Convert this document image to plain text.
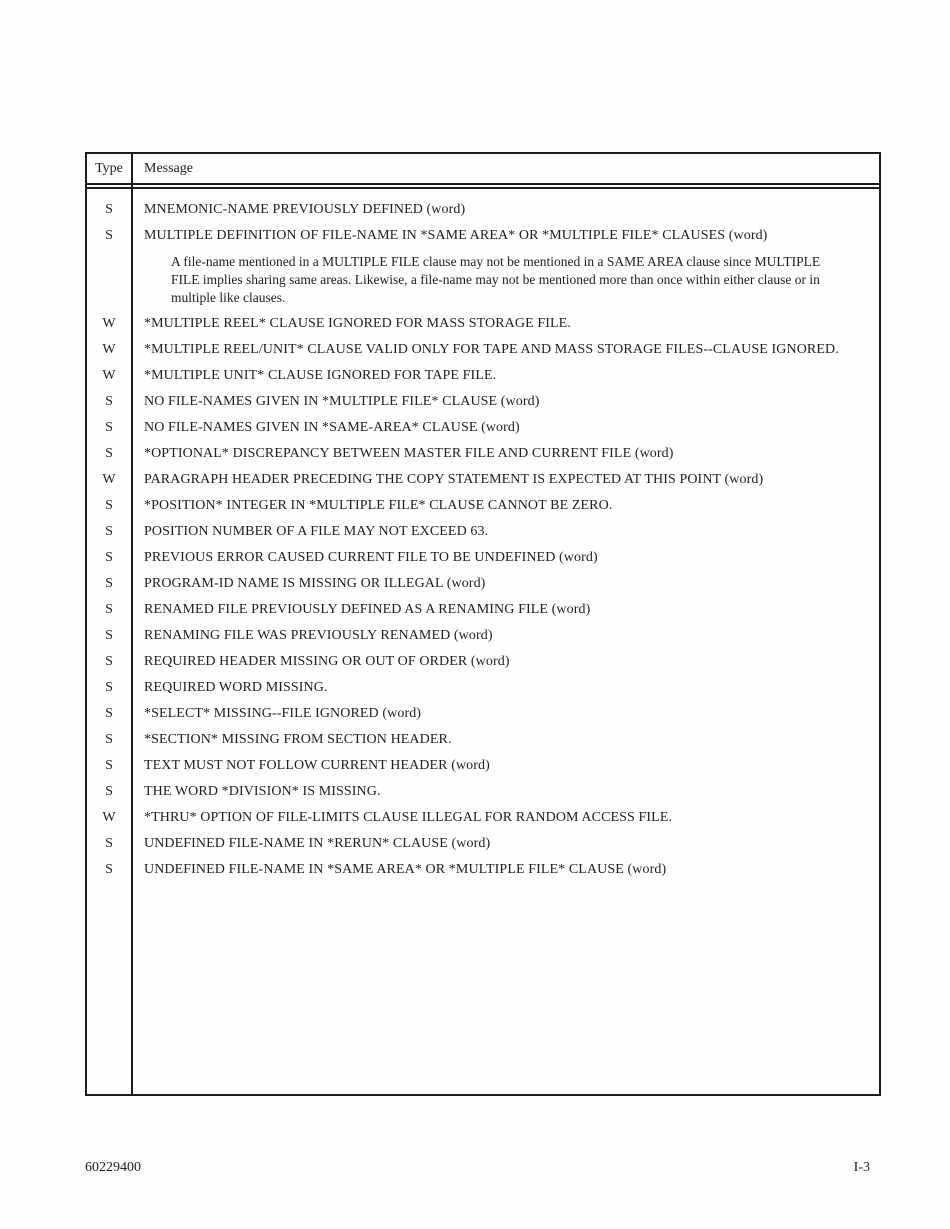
Type	Message
S	MNEMONIC-NAME PREVIOUSLY DEFINED (word)
S	MULTIPLE DEFINITION OF FILE-NAME IN *SAME AREA* OR *MULTIPLE FILE* CLAUSES (word)
A file-name mentioned in a MULTIPLE FILE clause may not be mentioned in a SAME AREA clause since MULTIPLE FILE implies sharing same areas. Likewise, a file-name may not be mentioned more than once within either clause or in multiple like clauses.
W	*MULTIPLE REEL* CLAUSE IGNORED FOR MASS STORAGE FILE.
W	*MULTIPLE REEL/UNIT* CLAUSE VALID ONLY FOR TAPE AND MASS STORAGE FILES--CLAUSE IGNORED.
W	*MULTIPLE UNIT* CLAUSE IGNORED FOR TAPE FILE.
S	NO FILE-NAMES GIVEN IN *MULTIPLE FILE* CLAUSE (word)
S	NO FILE-NAMES GIVEN IN *SAME-AREA* CLAUSE (word)
S	*OPTIONAL* DISCREPANCY BETWEEN MASTER FILE AND CURRENT FILE (word)
W	PARAGRAPH HEADER PRECEDING THE COPY STATEMENT IS EXPECTED AT THIS POINT (word)
S	*POSITION* INTEGER IN *MULTIPLE FILE* CLAUSE CANNOT BE ZERO.
S	POSITION NUMBER OF A FILE MAY NOT EXCEED 63.
S	PREVIOUS ERROR CAUSED CURRENT FILE TO BE UNDEFINED (word)
S	PROGRAM-ID NAME IS MISSING OR ILLEGAL (word)
S	RENAMED FILE PREVIOUSLY DEFINED AS A RENAMING FILE (word)
S	RENAMING FILE WAS PREVIOUSLY RENAMED (word)
S	REQUIRED HEADER MISSING OR OUT OF ORDER (word)
S	REQUIRED WORD MISSING.
S	*SELECT* MISSING--FILE IGNORED (word)
S	*SECTION* MISSING FROM SECTION HEADER.
S	TEXT MUST NOT FOLLOW CURRENT HEADER (word)
S	THE WORD *DIVISION* IS MISSING.
W	*THRU* OPTION OF FILE-LIMITS CLAUSE ILLEGAL FOR RANDOM ACCESS FILE.
S	UNDEFINED FILE-NAME IN *RERUN* CLAUSE (word)
S	UNDEFINED FILE-NAME IN *SAME AREA* OR *MULTIPLE FILE* CLAUSE (word)
60229400	I-3
